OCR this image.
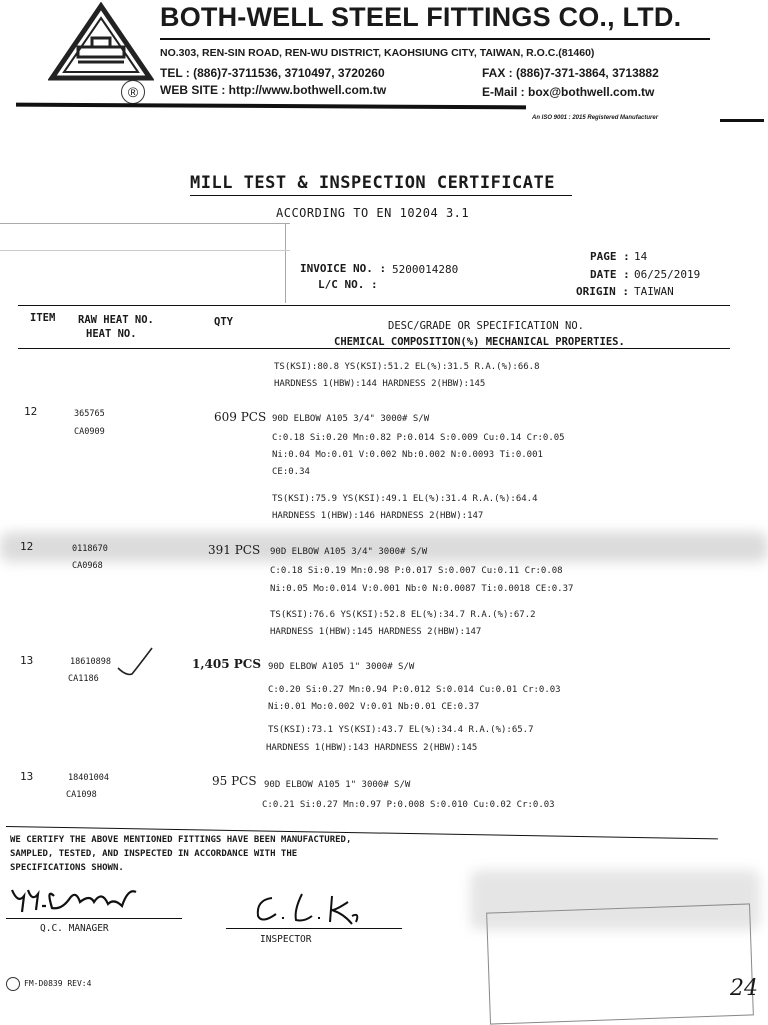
®
BOTH-WELL STEEL FITTINGS CO., LTD.
NO.303, REN-SIN ROAD, REN-WU DISTRICT, KAOHSIUNG CITY, TAIWAN, R.O.C.(81460)
TEL : (886)7-3711536, 3710497, 3720260	FAX : (886)7-371-3864, 3713882
WEB SITE : http://www.bothwell.com.tw	E-Mail : box@bothwell.com.tw
An ISO 9001 : 2015 Registered Manufacturer
MILL TEST & INSPECTION CERTIFICATE
ACCORDING TO EN 10204 3.1
INVOICE NO. : 5200014280
L/C NO. :
PAGE : 14
DATE : 06/25/2019
ORIGIN : TAIWAN
ITEM RAW HEAT NO.
HEAT NO.
QTY	DESC/GRADE OR SPECIFICATION NO.
CHEMICAL COMPOSITION(%) MECHANICAL PROPERTIES.
TS(KSI):80.8 YS(KSI):51.2 EL(%):31.5 R.A.(%):66.8
HARDNESS 1(HBW):144 HARDNESS 2(HBW):145
12	365765
CA0909
609 PCS 90D ELBOW A105 3/4" 3000# S/W
C:0.18 Si:0.20 Mn:0.82 P:0.014 S:0.009 Cu:0.14 Cr:0.05
Ni:0.04 Mo:0.01 V:0.002 Nb:0.002 N:0.0093 Ti:0.001
CE:0.34
TS(KSI):75.9 YS(KSI):49.1 EL(%):31.4 R.A.(%):64.4
HARDNESS 1(HBW):146 HARDNESS 2(HBW):147
12	0118670
CA0968
391 PCS 90D ELBOW A105 3/4" 3000# S/W
C:0.18 Si:0.19 Mn:0.98 P:0.017 S:0.007 Cu:0.11 Cr:0.08
Ni:0.05 Mo:0.014 V:0.001 Nb:0 N:0.0087 Ti:0.0018 CE:0.37
TS(KSI):76.6 YS(KSI):52.8 EL(%):34.7 R.A.(%):67.2
HARDNESS 1(HBW):145 HARDNESS 2(HBW):147
13	18610898
CA1186
1,405 PCS 90D ELBOW A105 1" 3000# S/W
C:0.20 Si:0.27 Mn:0.94 P:0.012 S:0.014 Cu:0.01 Cr:0.03
Ni:0.01 Mo:0.002 V:0.01 Nb:0.01 CE:0.37
TS(KSI):73.1 YS(KSI):43.7 EL(%):34.4 R.A.(%):65.7
HARDNESS 1(HBW):143 HARDNESS 2(HBW):145
13	18401004
CA1098
95 PCS 90D ELBOW A105 1" 3000# S/W
C:0.21 Si:0.27 Mn:0.97 P:0.008 S:0.010 Cu:0.02 Cr:0.03
WE CERTIFY THE ABOVE MENTIONED FITTINGS HAVE BEEN MANUFACTURED,
SAMPLED, TESTED, AND INSPECTED IN ACCORDANCE WITH THE
SPECIFICATIONS SHOWN.
Q.C. MANAGER
INSPECTOR
FM-D0839 REV:4	24
